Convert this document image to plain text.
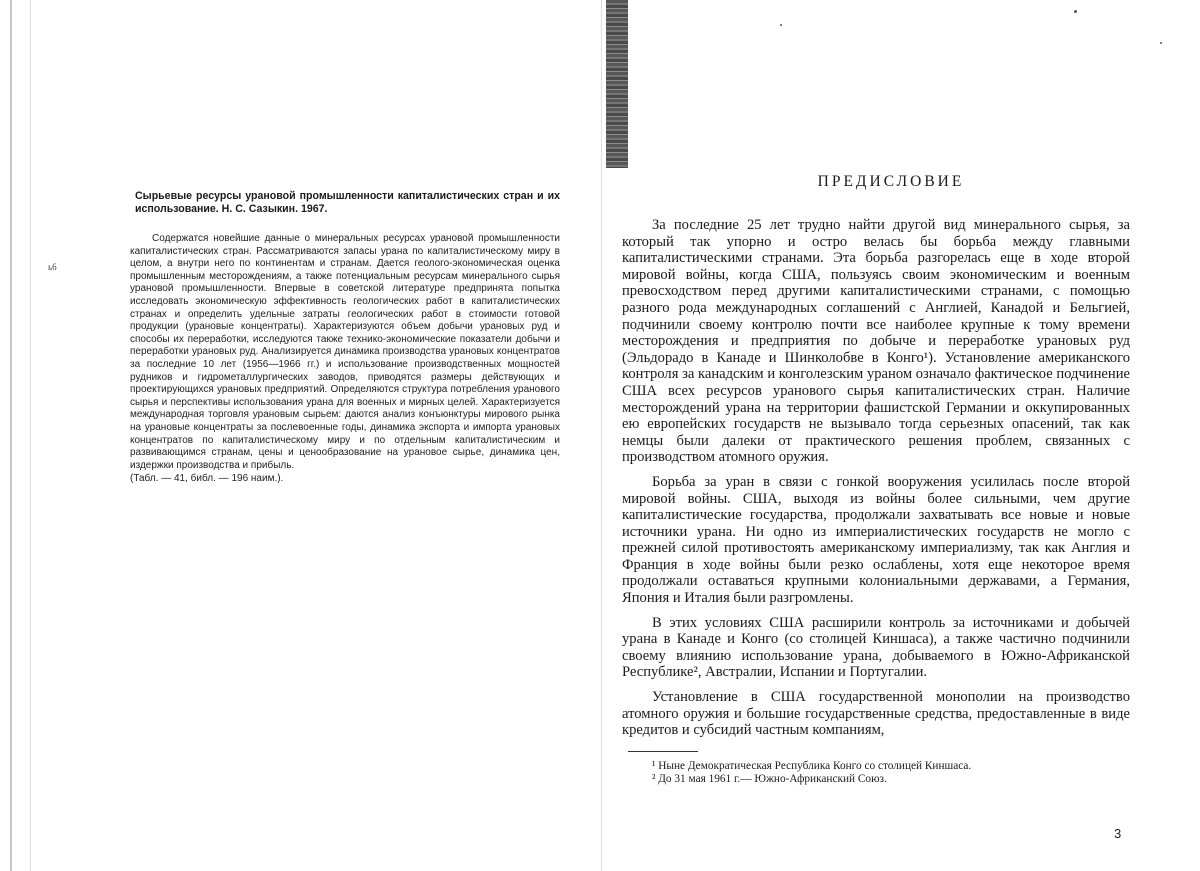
ь6
Сырьевые ресурсы урановой промышленности капиталистических стран и их использование. Н. С. Сазыкин. 1967.

Содержатся новейшие данные о минеральных ресурсах урановой промышленности капиталистических стран. Рассматриваются запасы урана по капиталистическому миру в целом, а внутри него по континентам и странам. Дается геолого-экономическая оценка промышленным месторождениям, а также потенциальным ресурсам минерального сырья урановой промышленности. Впервые в советской литературе предпринята попытка исследовать экономическую эффективность геологических работ в капиталистических странах и определить удельные затраты геологических работ в стоимости готовой продукции (урановые концентраты). Характеризуются объем добычи урановых руд и способы их переработки, исследуются также технико-экономические показатели добычи и переработки урановых руд. Анализируется динамика производства урановых концентратов за последние 10 лет (1956—1966 гг.) и использование производственных мощностей рудников и гидрометаллургических заводов, приводятся размеры действующих и проектирующихся урановых предприятий. Определяются структура потребления уранового сырья и перспективы использования урана для военных и мирных целей. Характеризуется международная торговля урановым сырьем: даются анализ конъюнктуры мирового рынка на урановые концентраты за послевоенные годы, динамика экспорта и импорта урановых концентратов по капиталистическому миру и по отдельным капиталистическим и развивающимся странам, цены и ценообразование на урановое сырье, динамика цен, издержки производства и прибыль.

(Табл. — 41, библ. — 196 наим.).

ПРЕДИСЛОВИЕ

За последние 25 лет трудно найти другой вид минерального сырья, за который так упорно и остро велась бы борьба между главными капиталистическими странами. Эта борьба разгорелась еще в ходе второй мировой войны, когда США, пользуясь своим экономическим и военным превосходством перед другими капиталистическими странами, с помощью разного рода международных соглашений с Англией, Канадой и Бельгией, подчинили своему контролю почти все наиболее крупные к тому времени месторождения и предприятия по добыче и переработке урановых руд (Эльдорадо в Канаде и Шинколобве в Конго¹). Установление американского контроля за канадским и конголезским ураном означало фактическое подчинение США всех ресурсов уранового сырья капиталистических стран. Наличие месторождений урана на территории фашистской Германии и оккупированных ею европейских государств не вызывало тогда серьезных опасений, так как немцы были далеки от практического решения проблем, связанных с производством атомного оружия.

Борьба за уран в связи с гонкой вооружения усилилась после второй мировой войны. США, выходя из войны более сильными, чем другие капиталистические государства, продолжали захватывать все новые и новые источники урана. Ни одно из империалистических государств не могло с прежней силой противостоять американскому империализму, так как Англия и Франция в ходе войны были резко ослаблены, хотя еще некоторое время продолжали оставаться крупными колониальными державами, а Германия, Япония и Италия были разгромлены.

В этих условиях США расширили контроль за источниками и добычей урана в Канаде и Конго (со столицей Киншаса), а также частично подчинили своему влиянию использование урана, добываемого в Южно-Африканской Республике², Австралии, Испании и Португалии.

Установление в США государственной монополии на производство атомного оружия и большие государственные средства, предоставленные в виде кредитов и субсидий частным компаниям,

¹ Ныне Демократическая Республика Конго со столицей Киншаса.
² До 31 мая 1961 г.— Южно-Африканский Союз.
3
